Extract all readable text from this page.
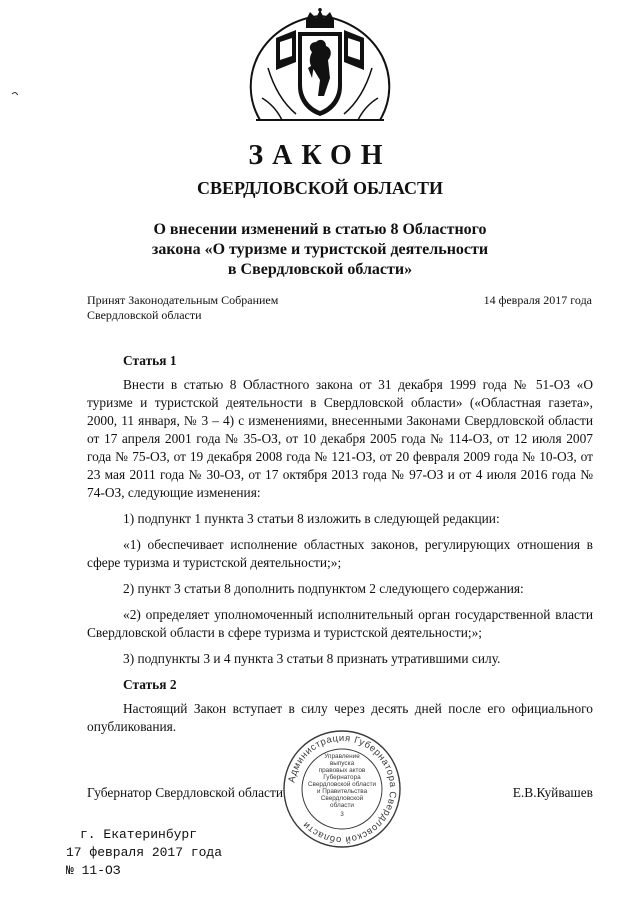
ЗАКОН
СВЕРДЛОВСКОЙ ОБЛАСТИ
О внесении изменений в статью 8 Областного
закона «О туризме и туристской деятельности
в Свердловской области»
Принят Законодательным Собранием
Свердловской области
14 февраля 2017 года
Статья 1

Внести в статью 8 Областного закона от 31 декабря 1999 года № 51-ОЗ «О туризме и туристской деятельности в Свердловской области» («Областная газета», 2000, 11 января, № 3 – 4) с изменениями, внесенными Законами Свердловской области от 17 апреля 2001 года № 35-ОЗ, от 10 декабря 2005 года № 114-ОЗ, от 12 июля 2007 года № 75-ОЗ, от 19 декабря 2008 года № 121-ОЗ, от 20 февраля 2009 года № 10-ОЗ, от 23 мая 2011 года № 30-ОЗ, от 17 октября 2013 года № 97-ОЗ и от 4 июля 2016 года № 74-ОЗ, следующие изменения:

1) подпункт 1 пункта 3 статьи 8 изложить в следующей редакции:

«1) обеспечивает исполнение областных законов, регулирующих отношения в сфере туризма и туристской деятельности;»;

2) пункт 3 статьи 8 дополнить подпунктом 2 следующего содержания:

«2) определяет уполномоченный исполнительный орган государственной власти Свердловской области в сфере туризма и туристской деятельности;»;

3) подпункты 3 и 4 пункта 3 статьи 8 признать утратившими силу.

Статья 2

Настоящий Закон вступает в силу через десять дней после его официального опубликования.

Губернатор Свердловской области	Е.В.Куйвашев
Администрация Губернатора Свердловской области
Управление
выпуска
правовых актов
Губернатора
Свердловской области
и Правительства
Свердловской
области
3
г. Екатеринбург
17 февраля 2017 года
№ 11-ОЗ
